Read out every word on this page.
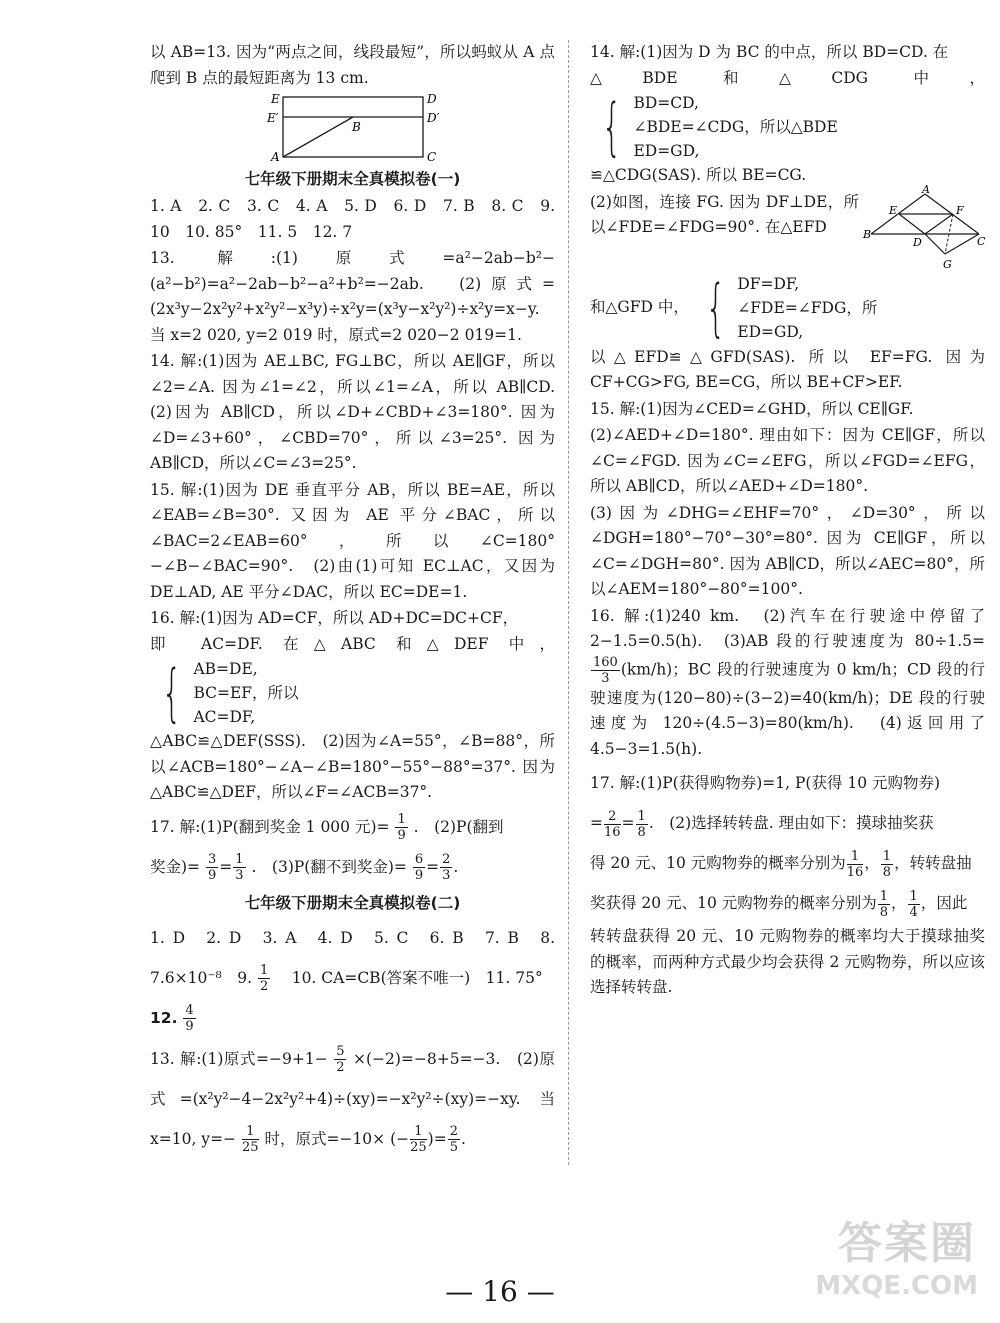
以 AB=13. 因为“两点之间，线段最短”，所以蚂蚁从 A 点爬到 B 点的最短距离为 13 cm.

E	D
E′	D′
B
A	C
七年级下册期末全真模拟卷(一)

1. A　2. C　3. C　4. A　5. D　6. D　7. B　8. C　9. 10　10. 85°　11. 5　12. 7

13. 解:(1)原式=a²−2ab−b²−(a²−b²)=a²−2ab−b²−a²+b²=−2ab.　(2)原式=(2x³y−2x²y²+x²y²−x³y)÷x²y=(x³y−x²y²)÷x²y=x−y. 当 x=2 020, y=2 019 时，原式=2 020−2 019=1.

14. 解:(1)因为 AE⊥BC, FG⊥BC，所以 AE∥GF，所以∠2=∠A. 因为∠1=∠2，所以∠1=∠A，所以 AB∥CD.　(2)因为 AB∥CD，所以∠D+∠CBD+∠3=180°. 因为∠D=∠3+60°，∠CBD=70°，所以∠3=25°. 因为 AB∥CD，所以∠C=∠3=25°.

15. 解:(1)因为 DE 垂直平分 AB，所以 BE=AE，所以∠EAB=∠B=30°. 又因为 AE 平分∠BAC，所以∠BAC=2∠EAB=60°，所以∠C=180°−∠B−∠BAC=90°.　(2)由(1)可知 EC⊥AC，又因为 DE⊥AD, AE 平分∠DAC，所以 EC=DE=1.

16. 解:(1)因为 AD=CF，所以 AD+DC=DC+CF，
即 AC=DF. 在△ABC 和△DEF 中，
{ AB=DE,
BC=EF，所以
AC=DF,

△ABC≌△DEF(SSS).　(2)因为∠A=55°，∠B=88°，所以∠ACB=180°−∠A−∠B=180°−55°−88°=37°. 因为△ABC≌△DEF，所以∠F=∠ACB=37°.

17. 解:(1)P(翻到奖金 1 000 元)= $\frac{1}{9}$ .　(2)P(翻到
奖金)= $\frac{3}{9} = \frac{1}{3}$ .　(3)P(翻不到奖金)= $\frac{6}{9} = \frac{2}{3}$ .

七年级下册期末全真模拟卷(二)

1. D　2. D　3. A　4. D　5. C　6. B　7. B　8. 7.6×10⁻⁸　9. $\frac{1}{2}$ 　10. CA=CB(答案不唯一)　11. 75°
12. $\frac{4}{9}$

13. 解:(1)原式$=-9+1- \frac{5}{2} \times(-2)=-8+5=-3$.　(2)原式=(x²y²−4−2x²y²+4)÷(xy)=−x²y²÷(xy)=−xy. 当 x=10, $y=- \frac{1}{25}$ 时，原式=−10× (− $\frac{1}{25}$ )= $\frac{2}{5}$ .

14. 解:(1)因为 D 为 BC 的中点，所以 BD=CD. 在
△BDE 和△CDG 中，
{ BD=CD,
∠BDE=∠CDG，所以△BDE
ED=GD,

≌△CDG(SAS). 所以 BE=CG.

A
E	F
B
C
D
G

(2)如图，连接 FG. 因为 DF⊥DE，所以∠FDE=∠FDG=90°. 在△EFD

和△GFD 中， { DF=DF,
∠FDE=∠FDG，所
ED=GD,

以△EFD≌△GFD(SAS). 所以 EF=FG. 因为 CF+CG>FG, BE=CG，所以 BE+CF>EF.

15. 解:(1)因为∠CED=∠GHD，所以 CE∥GF.

(2)∠AED+∠D=180°. 理由如下：因为 CE∥GF，所以∠C=∠FGD. 因为∠C=∠EFG，所以∠FGD=∠EFG，所以 AB∥CD，所以∠AED+∠D=180°.

(3)因为∠DHG=∠EHF=70°，∠D=30°，所以∠DGH=180°−70°−30°=80°. 因为 CE∥GF，所以∠C=∠DGH=80°. 因为 AB∥CD，所以∠AEC=80°，所以∠AEM=180°−80°=100°.

16. 解:(1)240 km.　(2)汽车在行驶途中停留了 2−1.5=0.5(h).　(3)AB 段的行驶速度为 80÷1.5=
$\frac{160}{3} (km/h)$；BC 段的行驶速度为 0 km/h；CD 段的行驶速度为(120−80)÷(3−2)=40(km/h)；DE 段的行驶速度为 120÷(4.5−3)=80(km/h).　(4)返回用了 4.5−3=1.5(h).

17. 解:(1)P(获得购物券)=1, P(获得 10 元购物券)
= $\frac{2}{16} = \frac{1}{8}$ .　(2)选择转转盘. 理由如下：摸球抽奖获
得 20 元、10 元购物券的概率分别为 $\frac{1}{16}$ ， $\frac{1}{8}$ ，转转盘抽
奖获得 20 元、10 元购物券的概率分别为 $\frac{1}{8}$ ， $\frac{1}{4}$ ，因此

转转盘获得 20 元、10 元购物券的概率均大于摸球抽奖的概率，而两种方式最少均会获得 2 元购物券，所以应该选择转转盘.

— 16 —
答案圈
MXQE.COM
